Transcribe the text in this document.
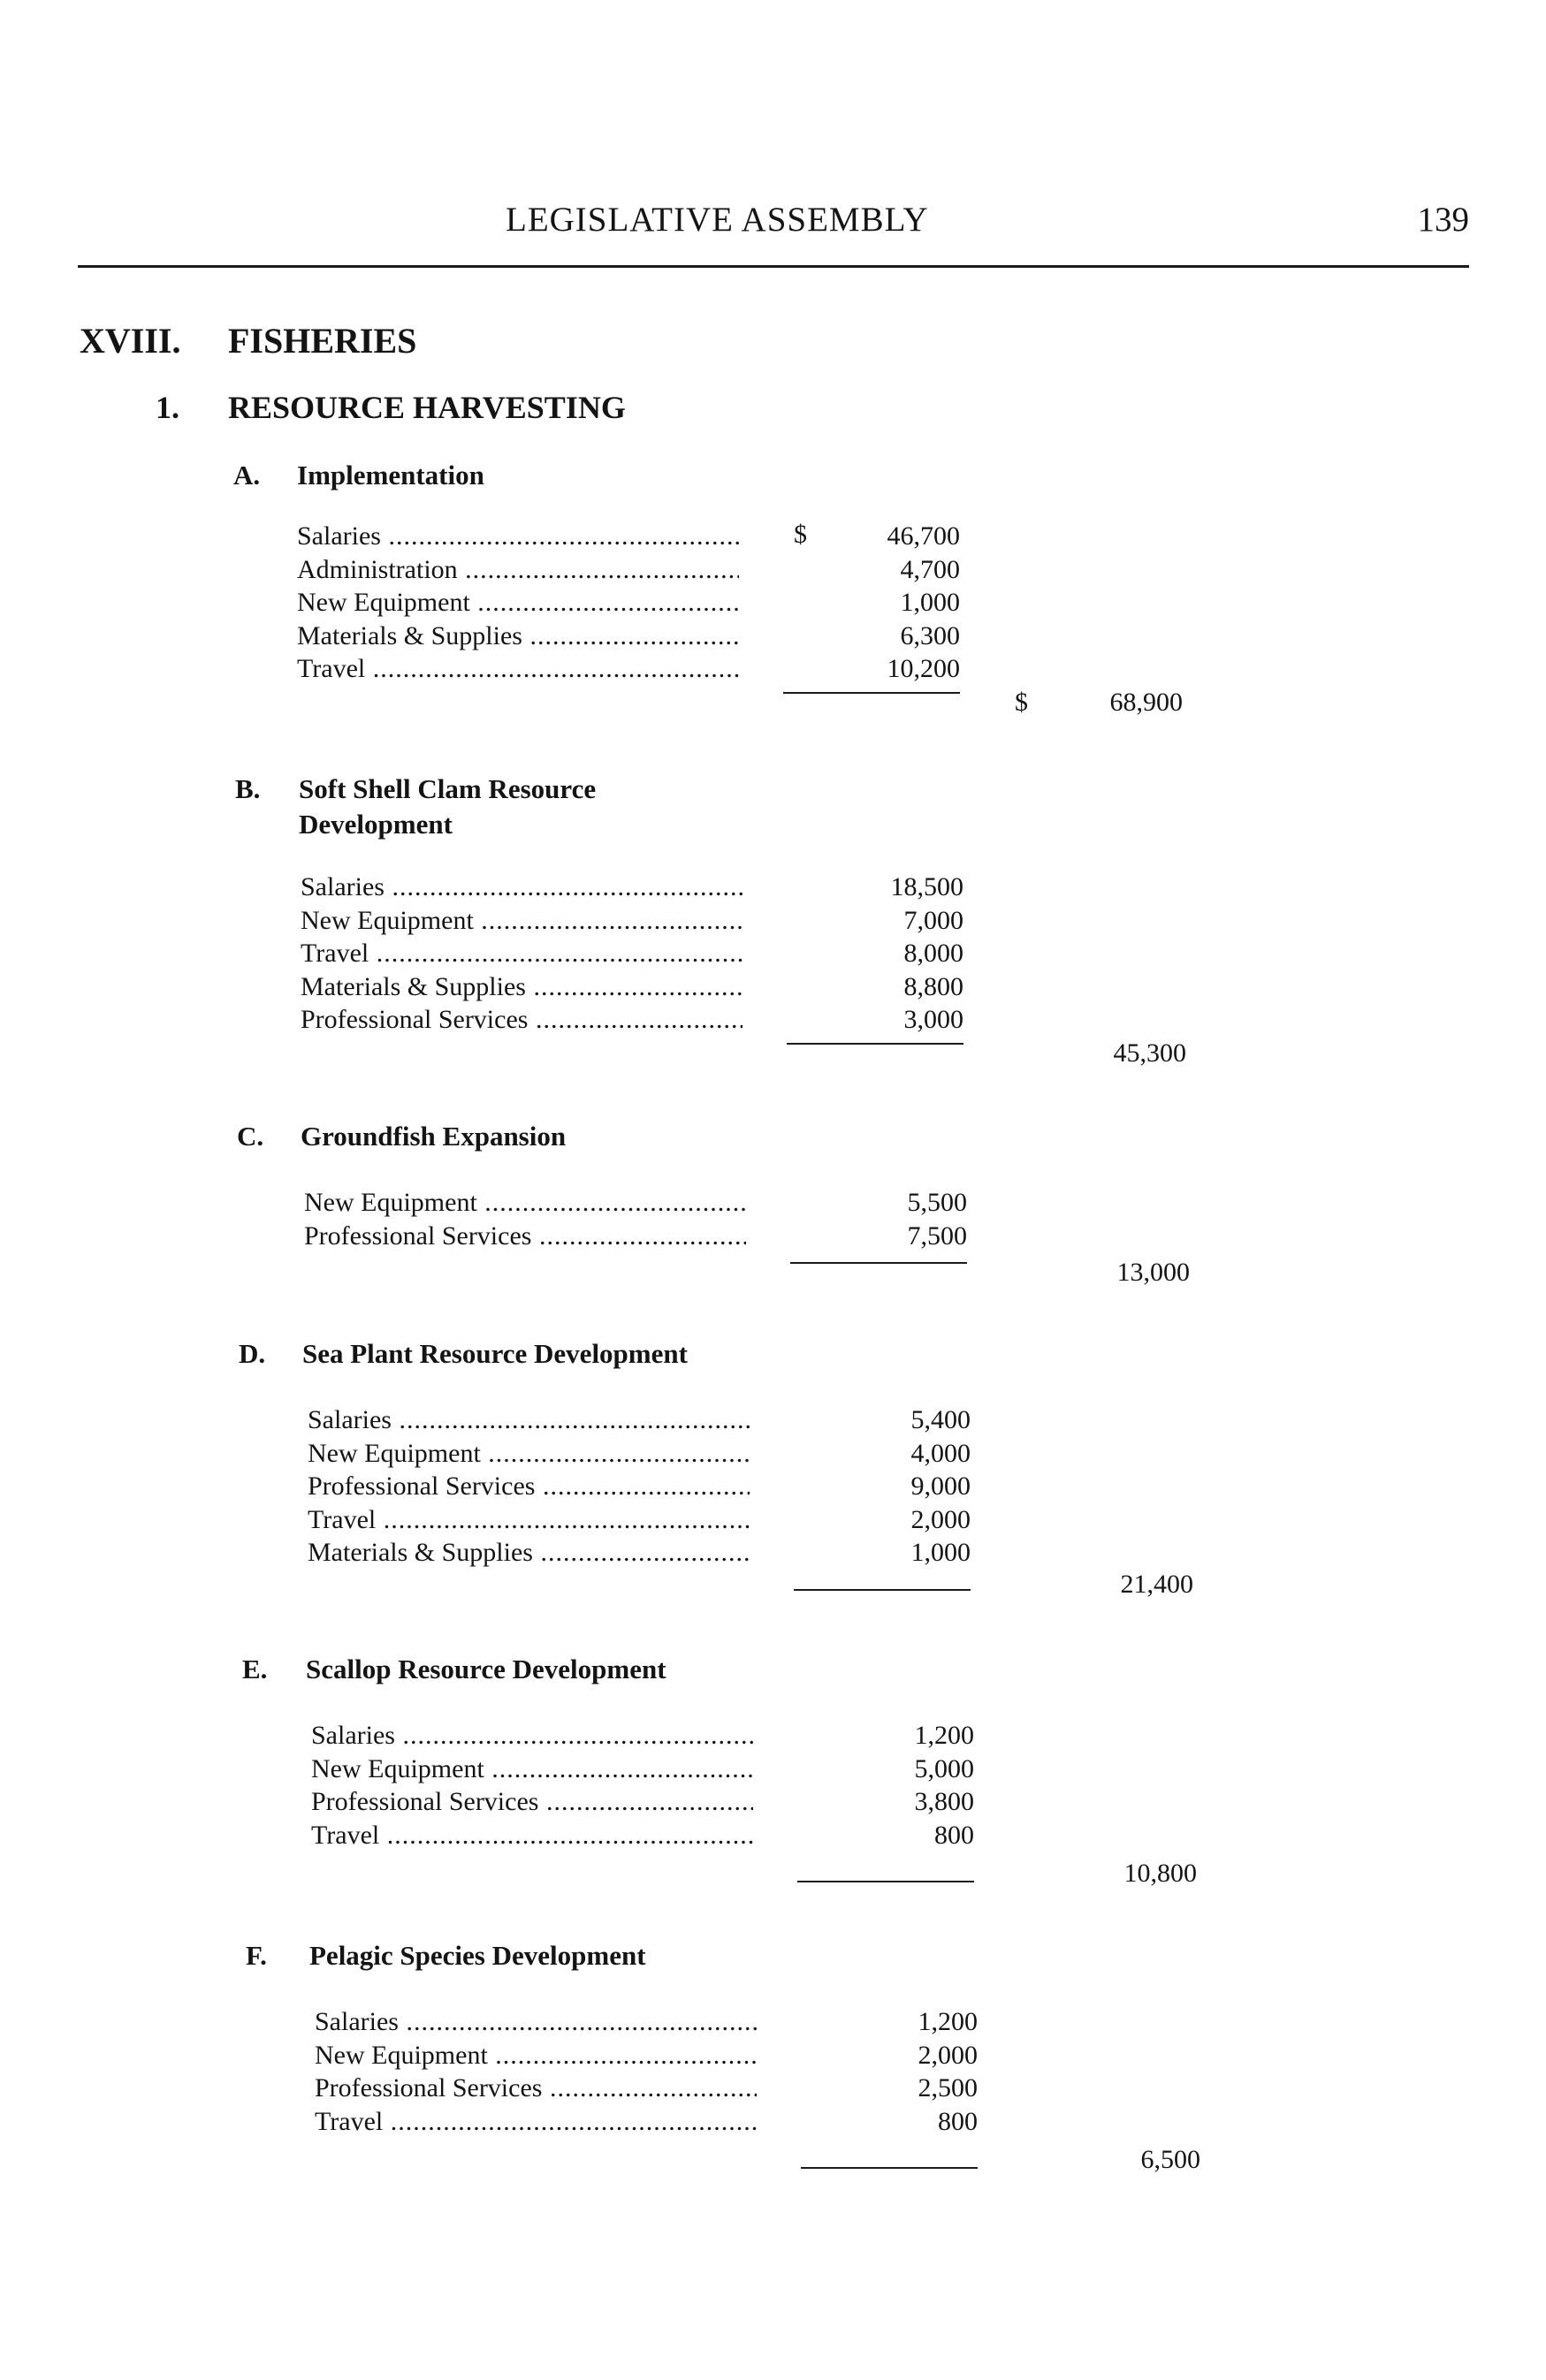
LEGISLATIVE ASSEMBLY	139
XVIII. FISHERIES
1. RESOURCE HARVESTING
A. Implementation
$
Salaries .....	46,700
Administration .....	4,700
New Equipment .....	1,000
Materials & Supplies .....	6,300
Travel .....	10,200
$	68,900
B. Soft Shell Clam Resource Development
Salaries .....	18,500
New Equipment .....	7,000
Travel .....	8,000
Materials & Supplies .....	8,800
Professional Services .....	3,000
45,300
C. Groundfish Expansion
New Equipment .....	5,500
Professional Services .....	7,500
13,000
D. Sea Plant Resource Development
Salaries .....	5,400
New Equipment .....	4,000
Professional Services .....	9,000
Travel .....	2,000
Materials & Supplies .....	1,000
21,400
E. Scallop Resource Development
Salaries .....	1,200
New Equipment .....	5,000
Professional Services .....	3,800
Travel .....	800
10,800
F. Pelagic Species Development
Salaries .....	1,200
New Equipment .....	2,000
Professional Services .....	2,500
Travel .....	800
6,500
